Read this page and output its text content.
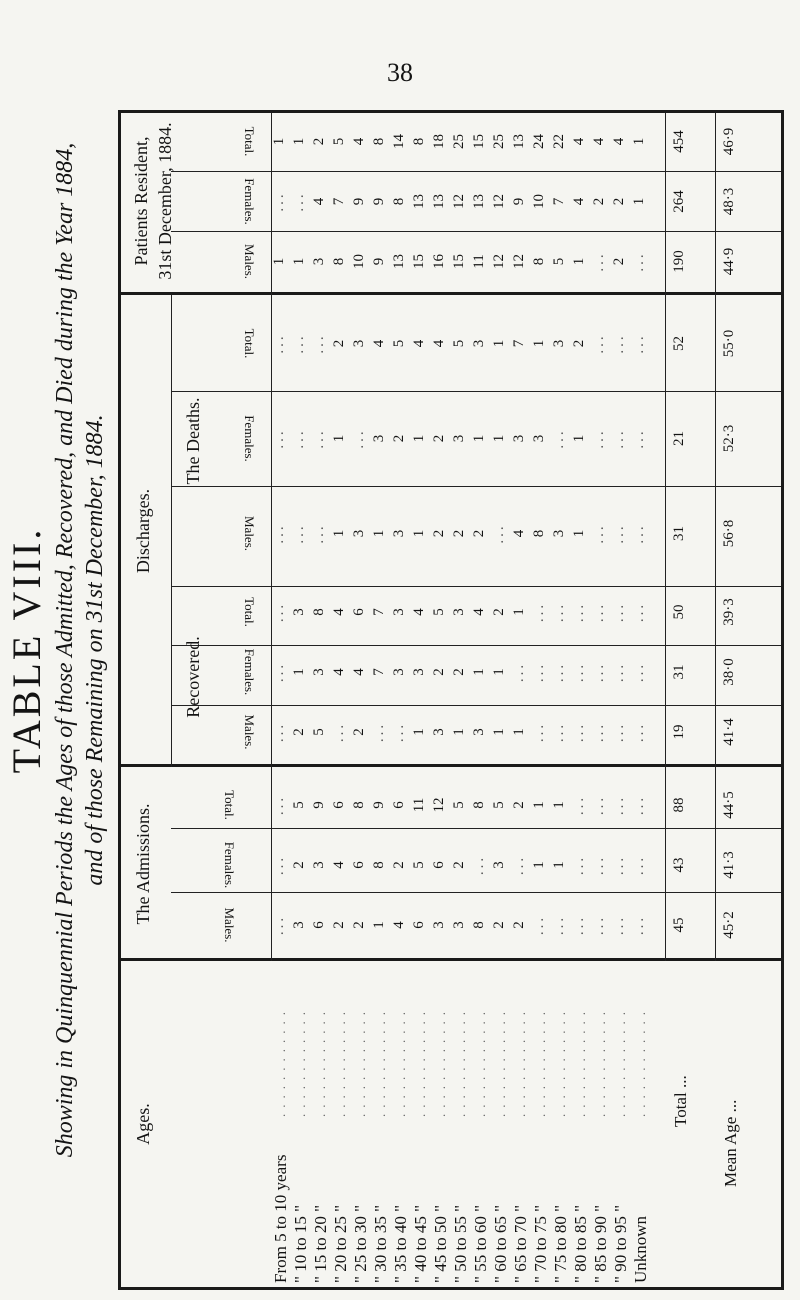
38
TABLE VIII. Showing in Quinquennial Periods the Ages of those Admitted, Recovered, and Died during the Year 1884, and of those Remaining on 31st December, 1884.
Ages.
The Admissions.
Discharges.
Recovered.
The Deaths.
Patients Resident, 31st December, 1884.
Males.
Females.
Total.
Males.
Females.
Total.
Males.
Females.
Total.
Males.
Females.
Total.
From 5 to 10 years
............
" 10 to 15 "
............
" 15 to 20 "
............
" 20 to 25 "
............
" 25 to 30 "
............
" 30 to 35 "
............
" 35 to 40 "
............
" 40 to 45 "
............
" 45 to 50 "
............
" 50 to 55 "
............
" 55 to 60 "
............
" 60 to 65 "
............
" 65 to 70 "
............
" 70 to 75 "
............
" 75 to 80 "
............
" 80 to 85 "
............
" 85 to 90 "
............
" 90 to 95 "
............
Unknown
............ Total ... Mean Age ...
... 3 6 2 2 1 4 6 3 3 8 2 2 ... ... ... ... ... ... 45 45·2
... 2 3 4 6 8 2 5 6 2 ... 3 ... 1 1 ... ... ... ... 43 41·3
... 5 9 6 8 9 6 11 12 5 8 5 2 1 1 ... ... ... ... 88 44·5
... 2 5 ... 2 ... ... 1 3 1 3 1 1 ... ... ... ... ... ... 19 41·4
... 1 3 4 4 7 3 3 2 2 1 1 ... ... ... ... ... ... ... 31 38·0
... 3 8 4 6 7 3 4 5 3 4 2 1 ... ... ... ... ... ... 50 39·3
... ... ... 1 3 1 3 1 2 2 2 ... 4 8 3 1 ... ... ... 31 56·8
... ... ... 1 ... 3 2 1 2 3 1 1 3 3 ... 1 ... ... ... 21 52·3
... ... ... 2 3 4 5 4 4 5 3 1 7 1 3 2 ... ... ... 52 55·0
1 1 3 8 10 9 13 15 16 15 11 12 12 8 5 1 ... 2 ... 190 44·9
... ... 4 7 9 9 8 13 13 12 13 12 9 10 7 4 2 2 1 264 48·3
1 1 2 5 4 8 14 8 18 25 15 25 13 24 22 4 4 4 1 454 46·9
